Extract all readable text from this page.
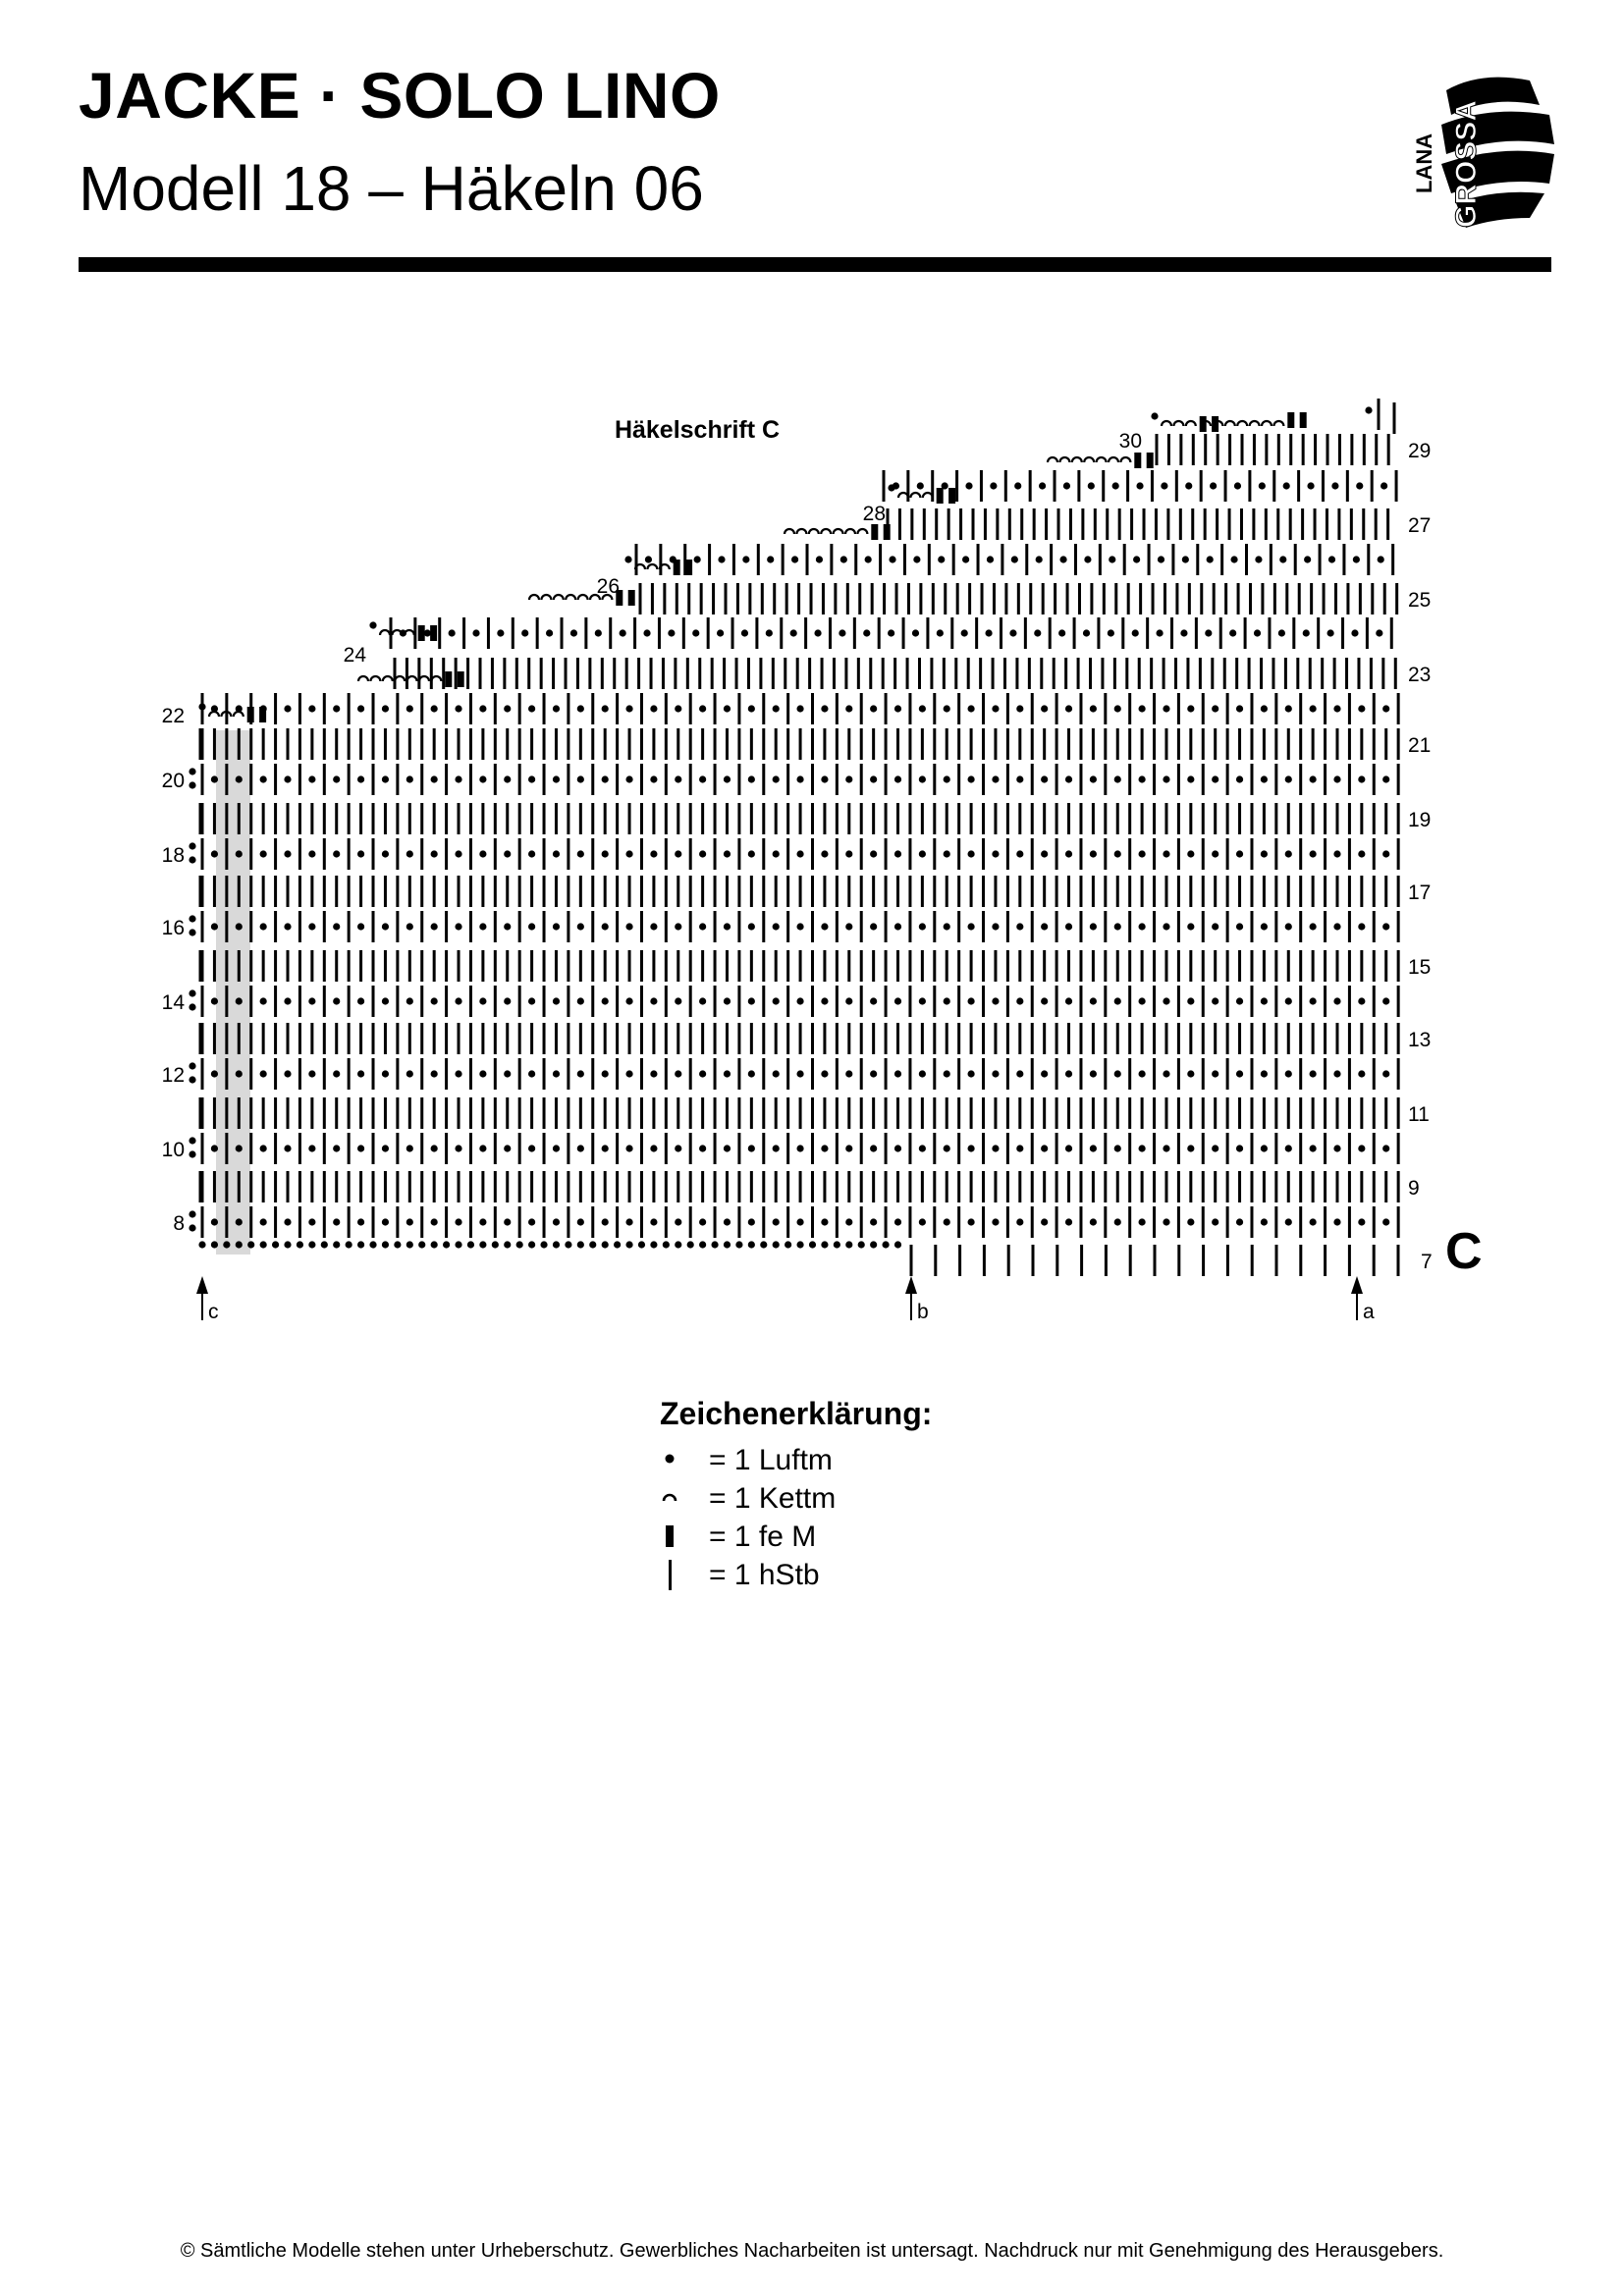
JACKE · SOLO LINO
Modell 18 – Häkeln 06	LANA GROSSA
Häkelschrift C
8
10
12
14
16
18
20
22
7
9
11
13
15
17
19
21
23
25
27
29
24
26
28
30
a
b
c
C
Zeichenerklärung:
= 1 Luftm
= 1 Kettm
= 1 fe M
= 1 hStb
© Sämtliche Modelle stehen unter Urheberschutz. Gewerbliches Nacharbeiten ist untersagt. Nachdruck nur mit Genehmigung des Herausgebers.
